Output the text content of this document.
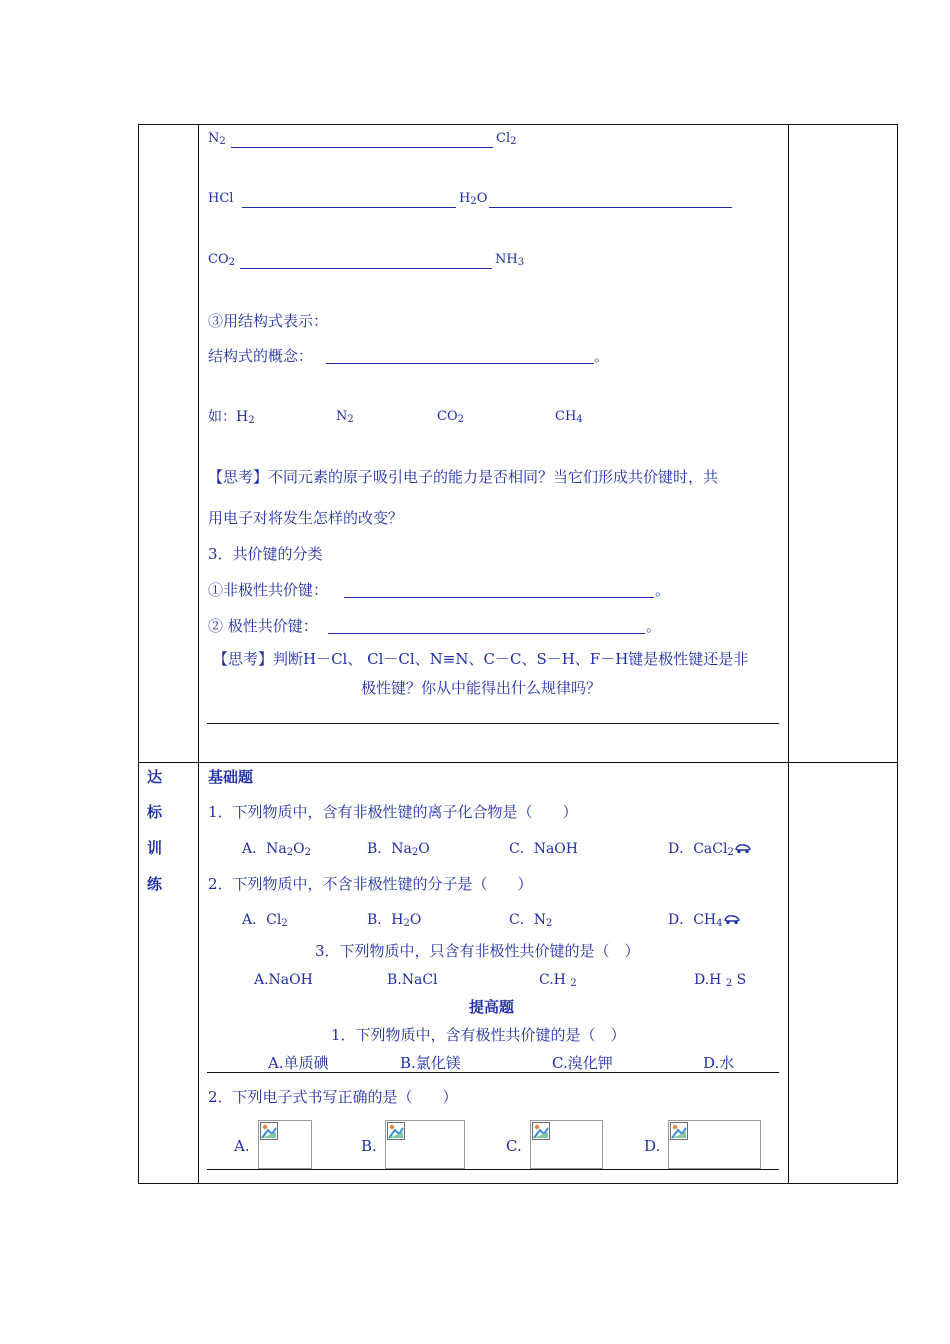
$N_2$	$Cl_2$
HCl	$H_2O$
$CO_2$	$NH_3$
③用结构式表示：
结构式的概念：	。
如：$H_2$	$N_2$	$CO_2$	$CH_4$
【思考】不同元素的原子吸引电子的能力是否相同？当它们形成共价键时，共
用电子对将发生怎样的改变？
3．共价键的分类
①非极性共价键：	。
② 极性共价键：	。
【思考】判断H－Cl、 Cl－Cl、N≡N、C－C、S－H、F－H键是极性键还是非
极性键？你从中能得出什么规律吗？
达
标
训
练
基础题
1．下列物质中，含有非极性键的离子化合物是（　　）
A．$Na_2O_2$	B．$Na_2O$	C．NaOH	D．CaCl$_2$
2．下列物质中，不含非极性键的分子是（　　）
A．$Cl_2$	B．$H_2O$	C．$N_2$	D．$CH_4$
3．下列物质中，只含有非极性共价键的是（　）
A.NaOH	B.NaCl	C.H $_2$	D.H $_2$ S
提高题
1．下列物质中，含有极性共价键的是（　）
A.单质碘	B.氯化镁	C.溴化钾	D.水
2．下列电子式书写正确的是（　　）
A.	B.	C.	D.
